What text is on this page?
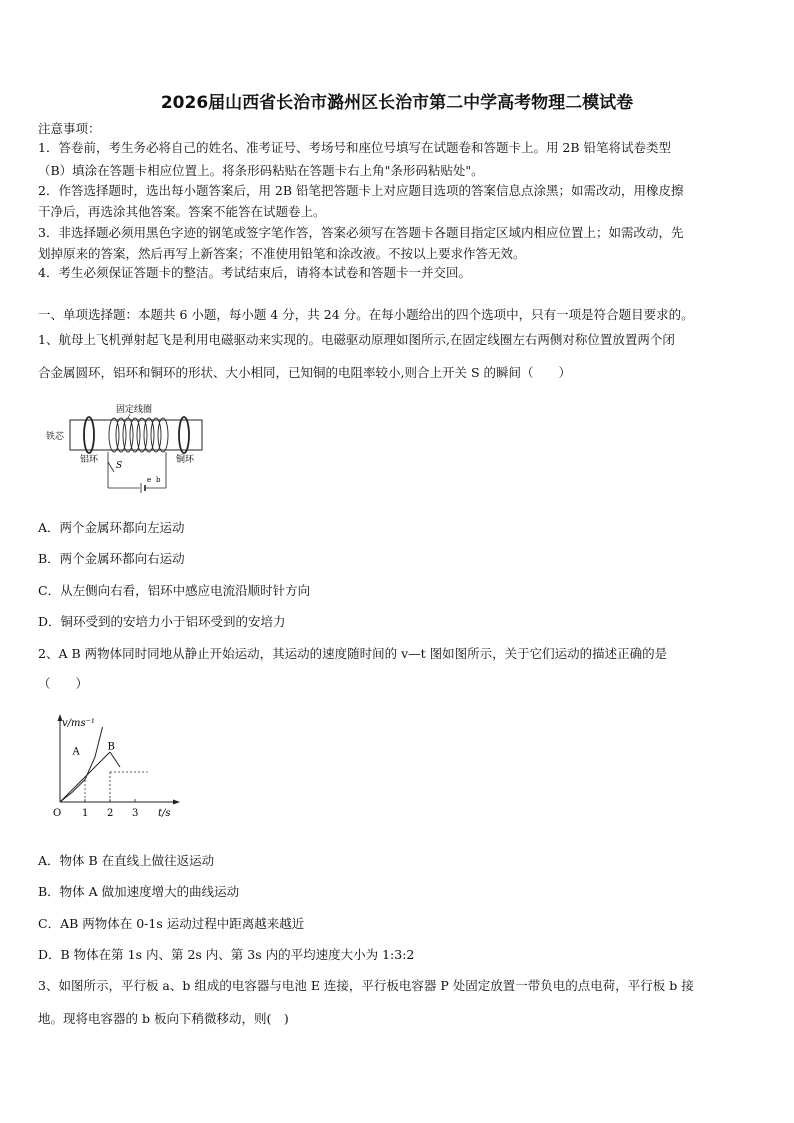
2026届山西省长治市潞州区长治市第二中学高考物理二模试卷
注意事项：
1．答卷前，考生务必将自己的姓名、准考证号、考场号和座位号填写在试题卷和答题卡上。用 2B 铅笔将试卷类型
（B）填涂在答题卡相应位置上。将条形码粘贴在答题卡右上角"条形码粘贴处"。
2．作答选择题时，选出每小题答案后，用 2B 铅笔把答题卡上对应题目选项的答案信息点涂黑；如需改动，用橡皮擦
干净后，再选涂其他答案。答案不能答在试题卷上。
3．非选择题必须用黑色字迹的钢笔或签字笔作答，答案必须写在答题卡各题目指定区域内相应位置上；如需改动，先
划掉原来的答案，然后再写上新答案；不准使用铅笔和涂改液。不按以上要求作答无效。
4．考生必须保证答题卡的整洁。考试结束后，请将本试卷和答题卡一并交回。
一、单项选择题：本题共 6 小题，每小题 4 分，共 24 分。在每小题给出的四个选项中，只有一项是符合题目要求的。
1、航母上飞机弹射起飞是利用电磁驱动来实现的。电磁驱动原理如图所示,在固定线圈左右两侧对称位置放置两个闭
合金属圆环，铝环和铜环的形状、大小相同，已知铜的电阻率较小,则合上开关 S 的瞬间（　　）
铁芯
固定线圈
铝环	铜环
S
e b
A．两个金属环都向左运动
B．两个金属环都向右运动
C．从左侧向右看，铝环中感应电流沿顺时针方向
D．铜环受到的安培力小于铝环受到的安培力
2、A B 两物体同时同地从静止开始运动，其运动的速度随时间的 v—t 图如图所示，关于它们运动的描述正确的是
（　　）
v/ms⁻¹
t/s
O 1 2 3
A	B
A．物体 B 在直线上做往返运动
B．物体 A 做加速度增大的曲线运动
C．AB 两物体在 0-1s 运动过程中距离越来越近
D．B 物体在第 1s 内、第 2s 内、第 3s 内的平均速度大小为 1:3:2
3、如图所示，平行板 a、b 组成的电容器与电池 E 连接，平行板电容器 P 处固定放置一带负电的点电荷，平行板 b 接
地。现将电容器的 b 板向下稍微移动，则(　)
